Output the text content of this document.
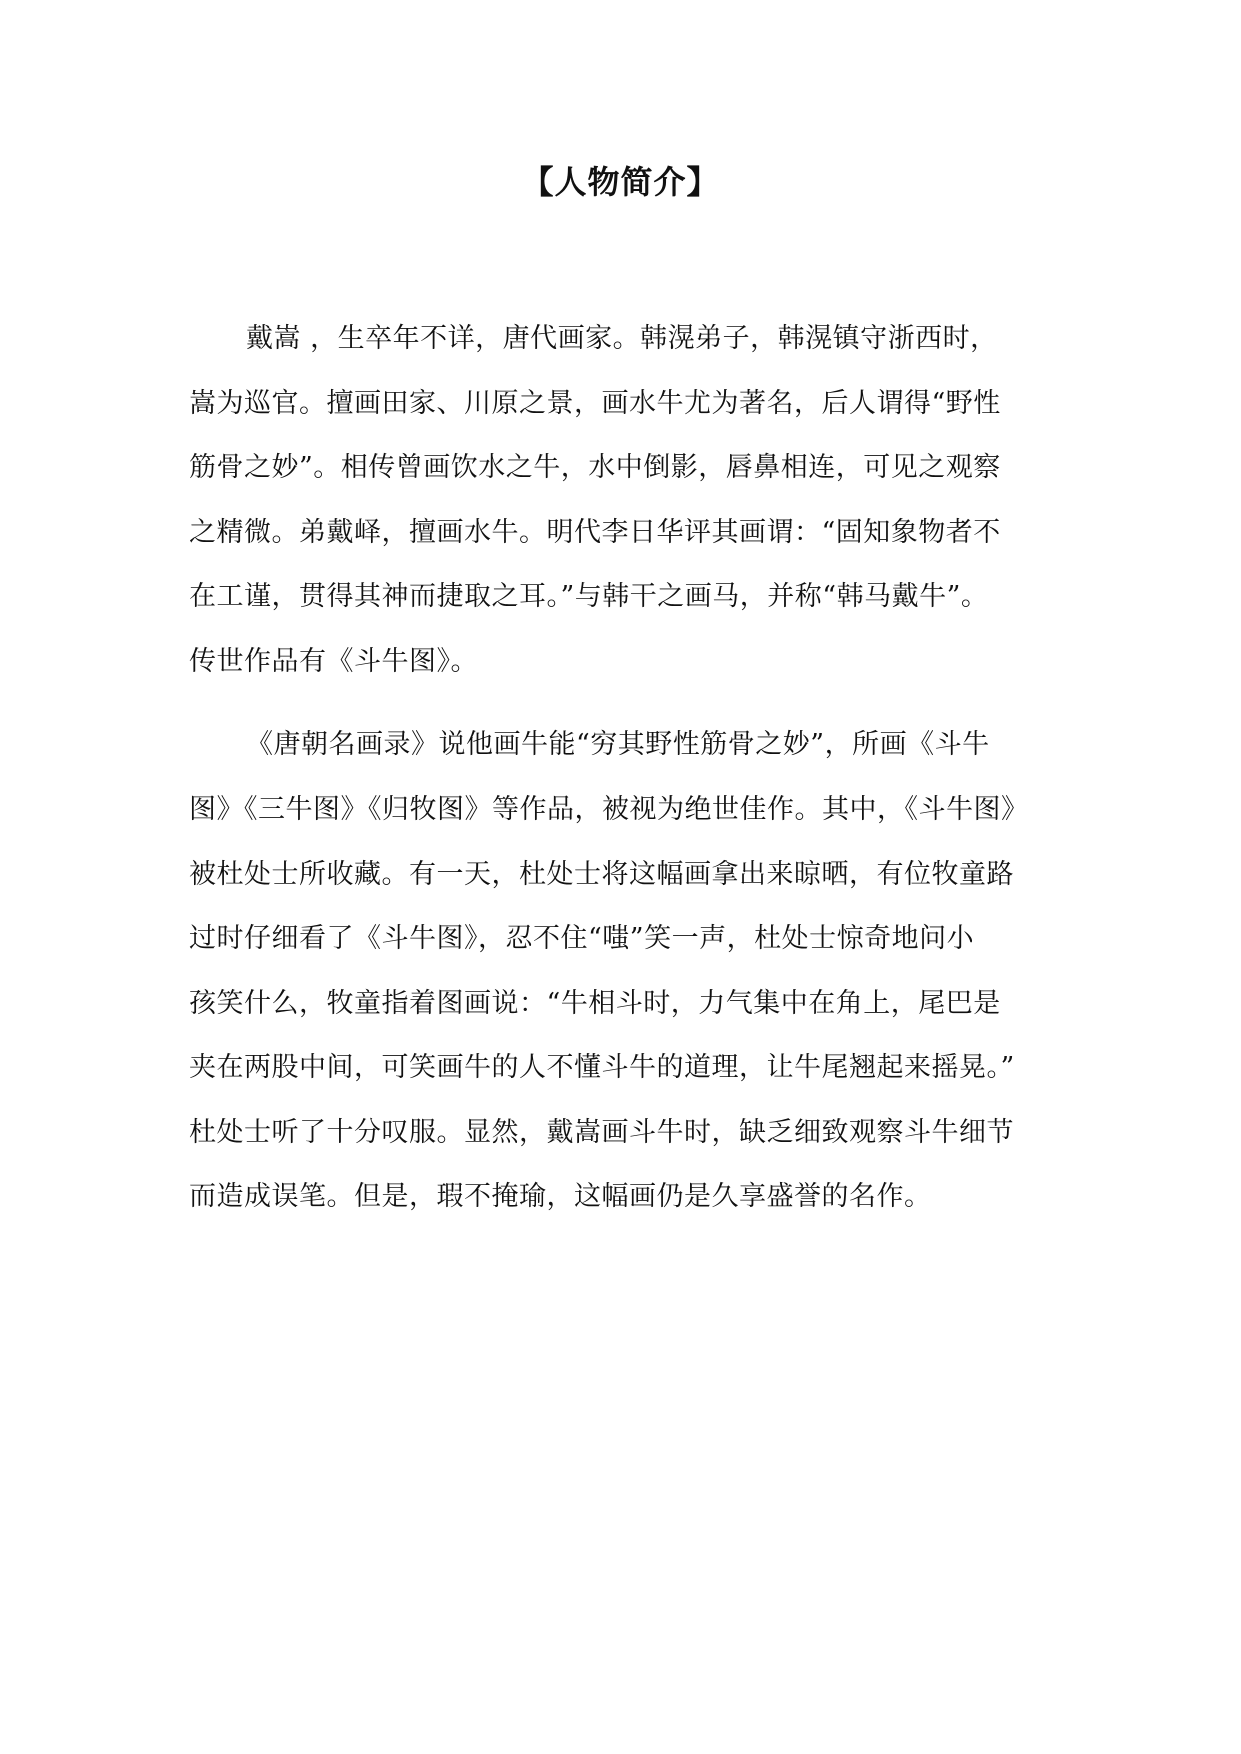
【人物简介】
戴嵩 ，生卒年不详，唐代画家。韩滉弟子，韩滉镇守浙西时，
嵩为巡官。擅画田家、川原之景，画水牛尤为著名，后人谓得“野性
筋骨之妙”。相传曾画饮水之牛，水中倒影，唇鼻相连，可见之观察
之精微。弟戴峄，擅画水牛。明代李日华评其画谓：“固知象物者不
在工谨，贯得其神而捷取之耳。”与韩干之画马，并称“韩马戴牛”。
传世作品有《斗牛图》。
《唐朝名画录》说他画牛能“穷其野性筋骨之妙”，所画《斗牛
图》《三牛图》《归牧图》等作品，被视为绝世佳作。其中，《斗牛图》
被杜处士所收藏。有一天，杜处士将这幅画拿出来晾晒，有位牧童路
过时仔细看了《斗牛图》，忍不住“嗤”笑一声，杜处士惊奇地问小
孩笑什么，牧童指着图画说：“牛相斗时，力气集中在角上，尾巴是
夹在两股中间，可笑画牛的人不懂斗牛的道理，让牛尾翘起来摇晃。”
杜处士听了十分叹服。显然，戴嵩画斗牛时，缺乏细致观察斗牛细节
而造成误笔。但是，瑕不掩瑜，这幅画仍是久享盛誉的名作。
